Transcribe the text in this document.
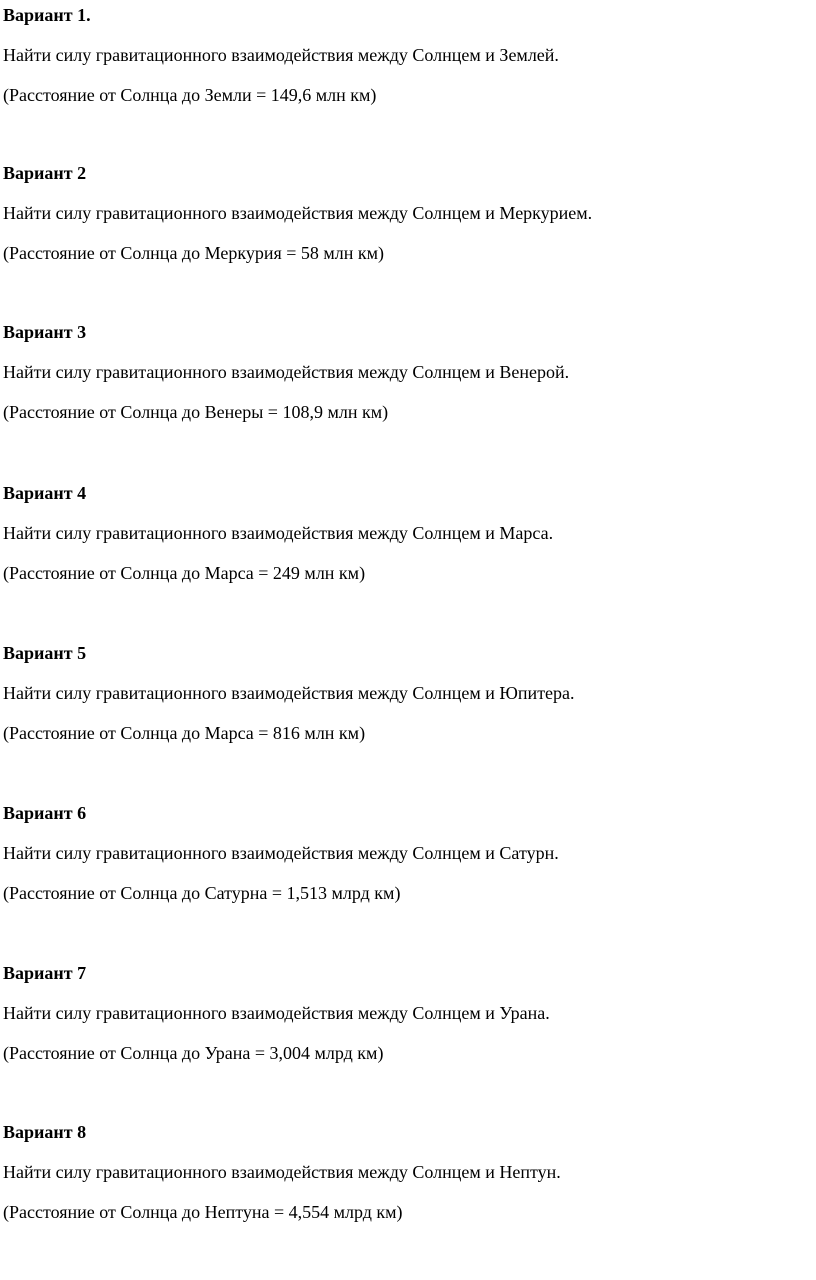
Вариант 1.
Найти силу гравитационного взаимодействия между Солнцем и Землей.
(Расстояние от Солнца до Земли = 149,6 млн км)
Вариант 2
Найти силу гравитационного взаимодействия между Солнцем и Меркурием.
(Расстояние от Солнца до Меркурия = 58 млн км)
Вариант 3
Найти силу гравитационного взаимодействия между Солнцем и Венерой.
(Расстояние от Солнца до Венеры = 108,9 млн км)
Вариант 4
Найти силу гравитационного взаимодействия между Солнцем и Марса.
(Расстояние от Солнца до Марса = 249 млн км)
Вариант 5
Найти силу гравитационного взаимодействия между Солнцем и Юпитера.
(Расстояние от Солнца до Марса = 816 млн км)
Вариант 6
Найти силу гравитационного взаимодействия между Солнцем и Сатурн.
(Расстояние от Солнца до Сатурна = 1,513 млрд км)
Вариант 7
Найти силу гравитационного взаимодействия между Солнцем и Урана.
(Расстояние от Солнца до Урана = 3,004 млрд км)
Вариант 8
Найти силу гравитационного взаимодействия между Солнцем и Нептун.
(Расстояние от Солнца до Нептуна = 4,554 млрд км)
